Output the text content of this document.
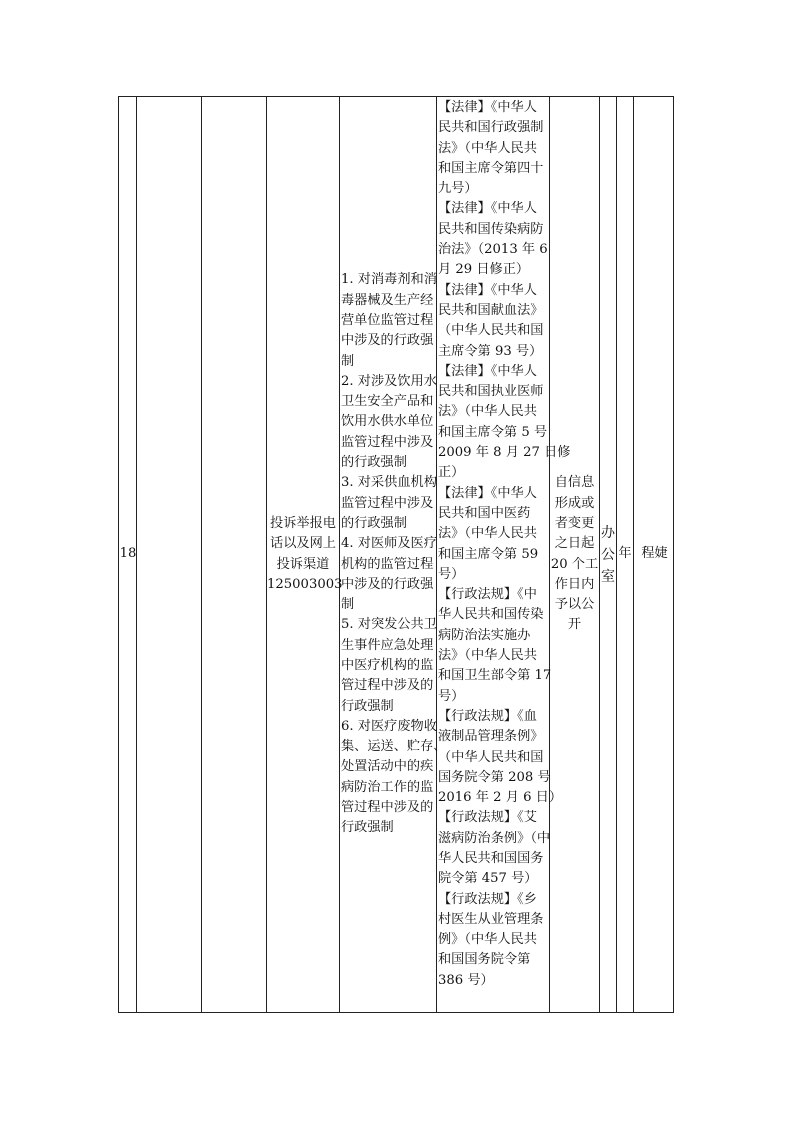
18
投诉举报电
话以及网上
投诉渠道
125003003
1. 对消毒剂和消
毒器械及生产经
营单位监管过程
中涉及的行政强
制
2. 对涉及饮用水
卫生安全产品和
饮用水供水单位
监管过程中涉及
的行政强制
3. 对采供血机构
监管过程中涉及
的行政强制
4. 对医师及医疗
机构的监管过程
中涉及的行政强
制
5. 对突发公共卫
生事件应急处理
中医疗机构的监
管过程中涉及的
行政强制
6. 对医疗废物收
集、运送、贮存、
处置活动中的疾
病防治工作的监
管过程中涉及的
行政强制
【法律】《中华人
民共和国行政强制
法》（中华人民共
和国主席令第四十
九号）
【法律】《中华人
民共和国传染病防
治法》（2013 年 6
月 29 日修正）
【法律】《中华人
民共和国献血法》
（中华人民共和国
主席令第 93 号）
【法律】《中华人
民共和国执业医师
法》（中华人民共
和国主席令第 5 号
2009 年 8 月 27 日修
正）
【法律】《中华人
民共和国中医药
法》（中华人民共
和国主席令第 59
号）
【行政法规】《中
华人民共和国传染
病防治法实施办
法》（中华人民共
和国卫生部令第 17
号）
【行政法规】《血
液制品管理条例》
（中华人民共和国
国务院令第 208 号
2016 年 2 月 6 日）
【行政法规】《艾
滋病防治条例》（中
华人民共和国国务
院令第 457 号）
【行政法规】《乡
村医生从业管理条
例》（中华人民共
和国国务院令第
386 号）
自信息
形成或
者变更
之日起
20 个工
作日内
予以公
开
办
公
室
年 程婕
